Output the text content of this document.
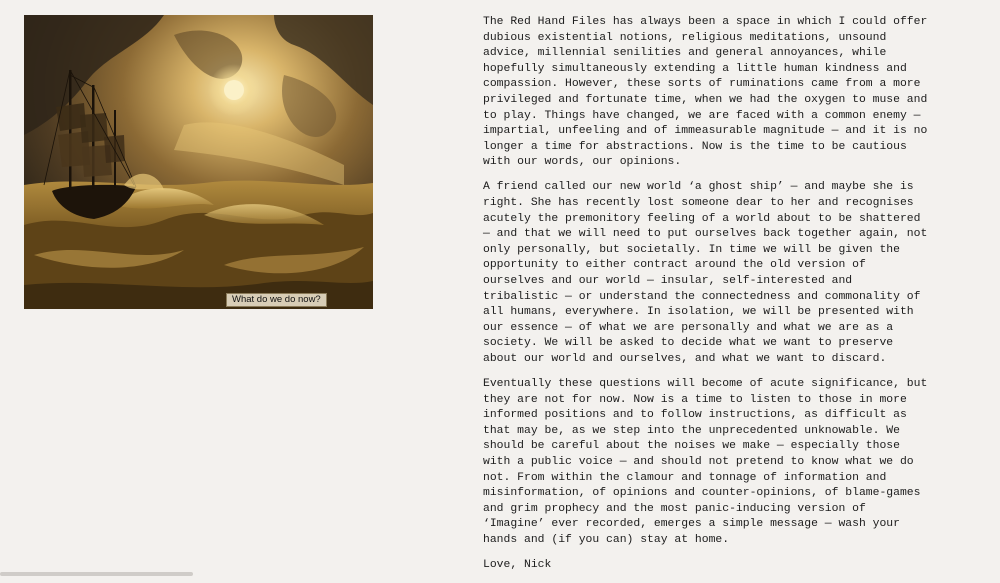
What do we do now?

The Red Hand Files has always been a space in which I could offer
dubious existential notions, religious meditations, unsound
advice, millennial senilities and general annoyances, while
hopefully simultaneously extending a little human kindness and
compassion. However, these sorts of ruminations came from a more
privileged and fortunate time, when we had the oxygen to muse and
to play. Things have changed, we are faced with a common enemy —
impartial, unfeeling and of immeasurable magnitude — and it is no
longer a time for abstractions. Now is the time to be cautious
with our words, our opinions.

A friend called our new world ‘a ghost ship’ — and maybe she is
right. She has recently lost someone dear to her and recognises
acutely the premonitory feeling of a world about to be shattered
— and that we will need to put ourselves back together again, not
only personally, but societally. In time we will be given the
opportunity to either contract around the old version of
ourselves and our world — insular, self-interested and
tribalistic — or understand the connectedness and commonality of
all humans, everywhere. In isolation, we will be presented with
our essence — of what we are personally and what we are as a
society. We will be asked to decide what we want to preserve
about our world and ourselves, and what we want to discard.

Eventually these questions will become of acute significance, but
they are not for now. Now is a time to listen to those in more
informed positions and to follow instructions, as difficult as
that may be, as we step into the unprecedented unknowable. We
should be careful about the noises we make — especially those
with a public voice — and should not pretend to know what we do
not. From within the clamour and tonnage of information and
misinformation, of opinions and counter-opinions, of blame-games
and grim prophecy and the most panic-inducing version of
‘Imagine’ ever recorded, emerges a simple message — wash your
hands and (if you can) stay at home.

Love, Nick
